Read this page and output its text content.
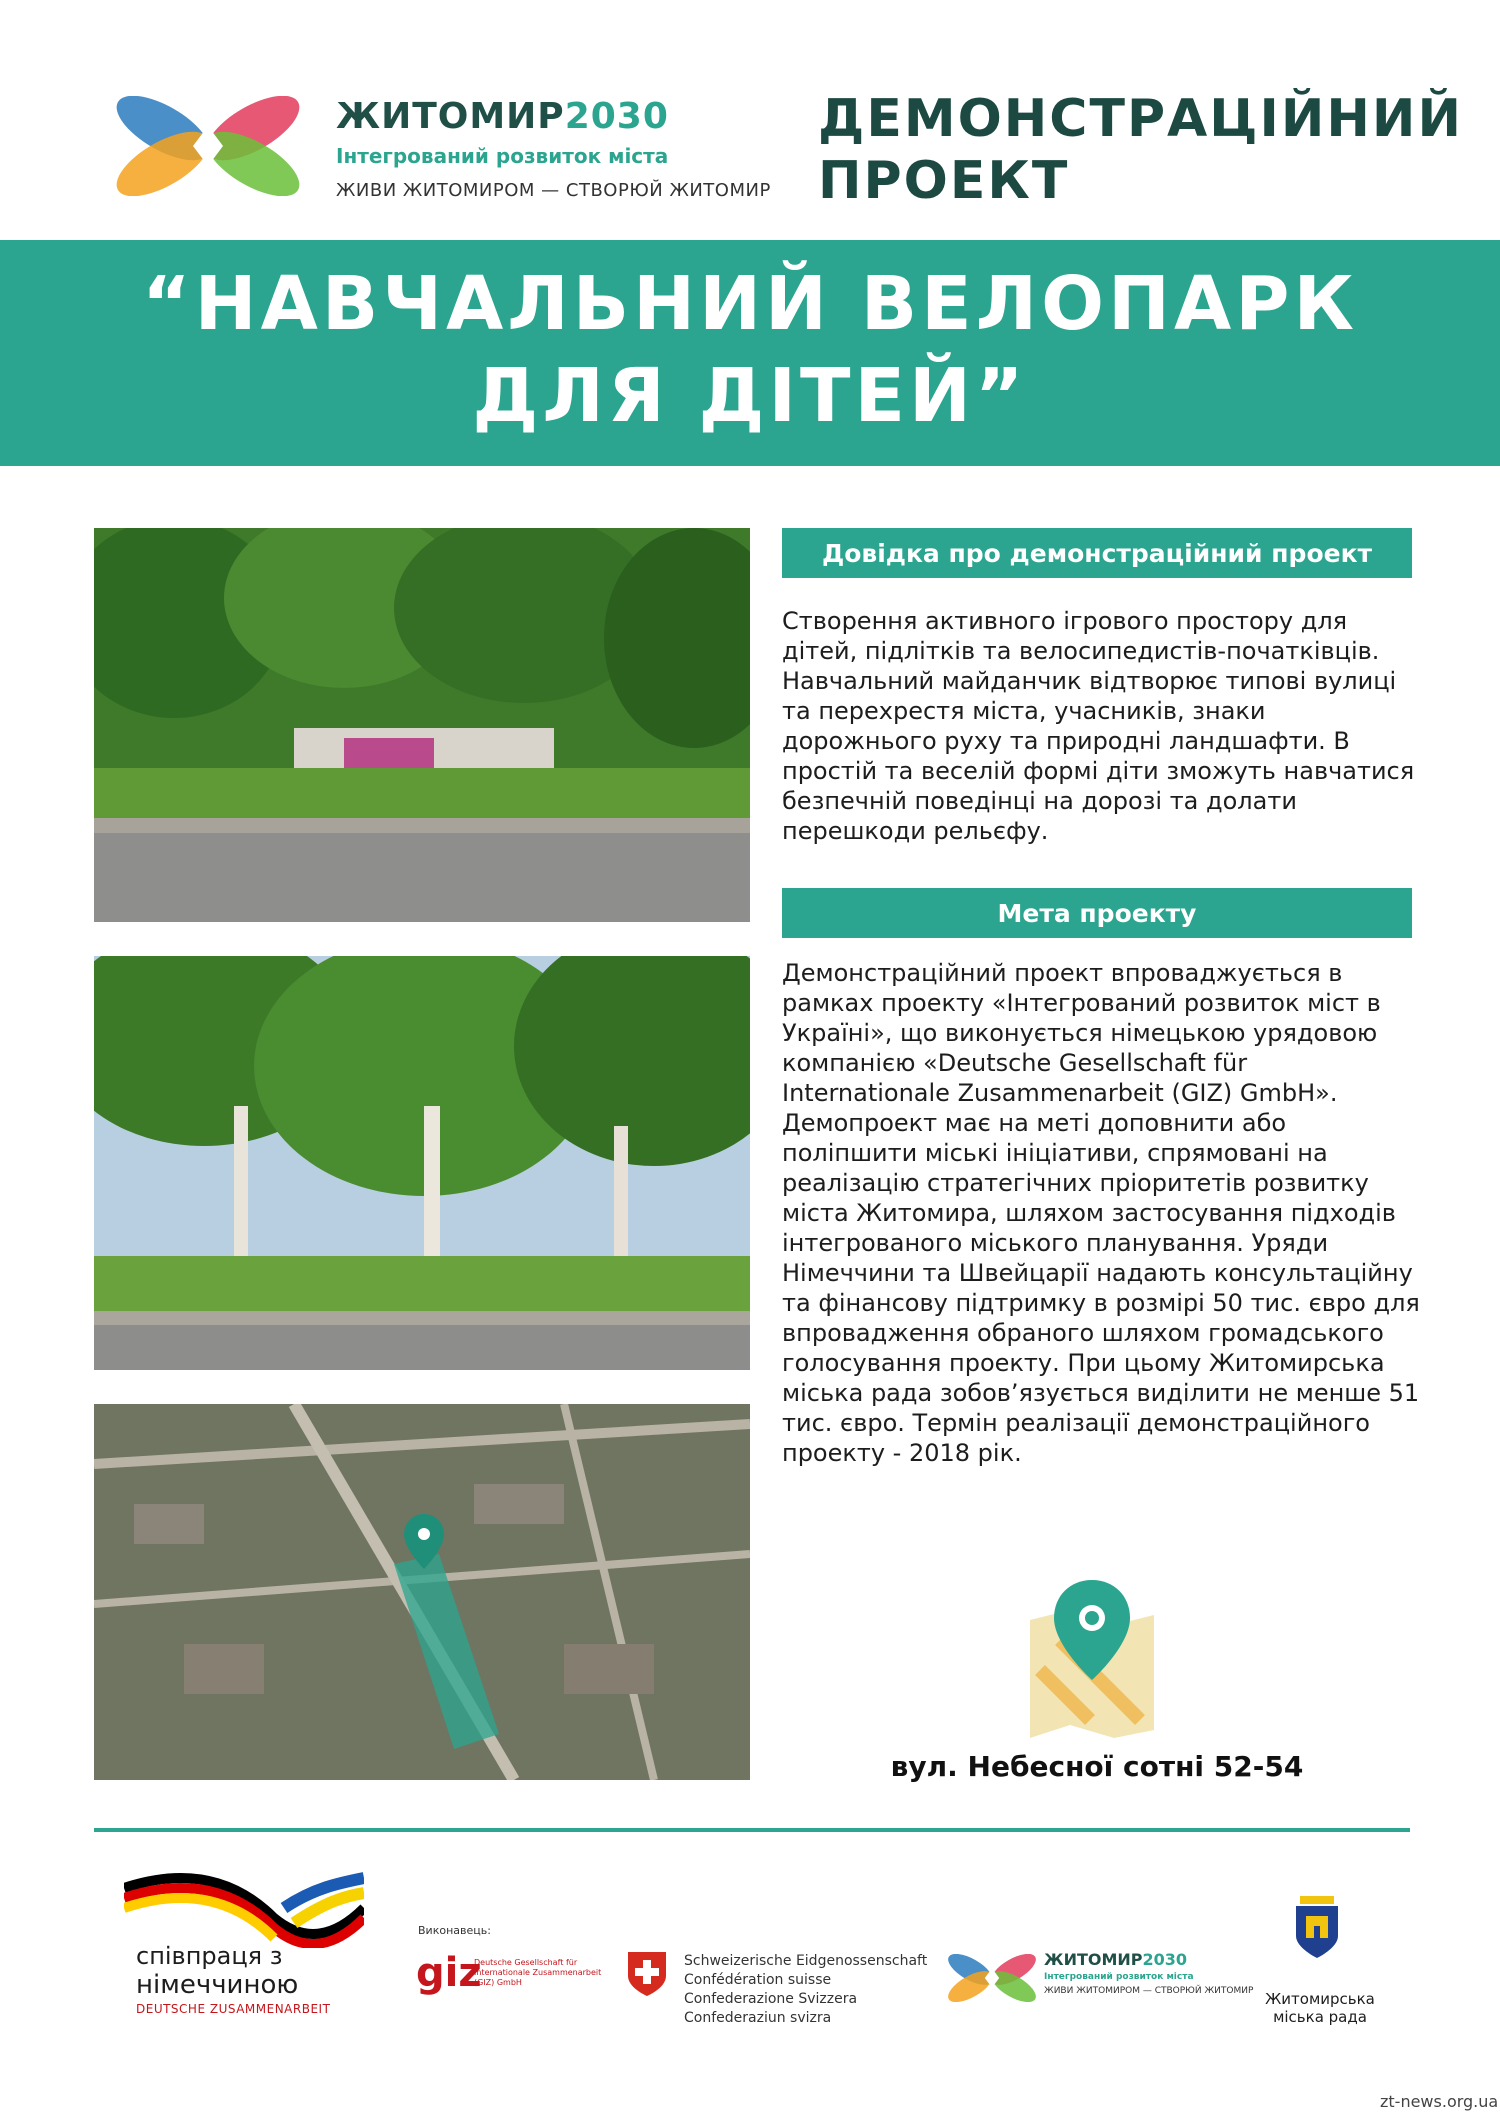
ЖИТОМИР2030
Інтегрований розвиток міста
ЖИВИ ЖИТОМИРОМ — СТВОРЮЙ ЖИТОМИР
ДЕМОНСТРАЦІЙНИЙ
ПРОЕКТ
“НАВЧАЛЬНИЙ ВЕЛОПАРК
ДЛЯ ДІТЕЙ”
Довідка про демонстраційний проект
Створення активного ігрового простору для дітей, підлітків та велосипедистів-початківців. Навчальний майданчик відтворює типові вулиці та перехрестя міста, учасників, знаки дорожнього руху та природні ландшафти. В простій та веселій формі діти зможуть навчатися безпечній поведінці на дорозі та долати перешкоди рельєфу.
Мета проекту
Демонстраційний проект впроваджується в рамках проекту «Інтегрований розвиток міст в Україні», що виконується німецькою урядовою компанією «Deutsche Gesellschaft für Internationale Zusammenarbeit (GIZ) GmbH». Демопроект має на меті доповнити або поліпшити міські ініціативи, спрямовані на реалізацію стратегічних пріоритетів розвитку міста Житомира, шляхом застосування підходів інтегрованого міського планування. Уряди Німеччини та Швейцарії надають консультаційну та фінансову підтримку в розмірі 50 тис. євро для впровадження обраного шляхом громадського голосування проекту. При цьому Житомирська міська рада зобов’язується виділити не менше 51 тис. євро. Термін реалізації демонстраційного проекту - 2018 рік.
вул. Небесної сотні 52-54
співпраця з
німеччиною
DEUTSCHE ZUSAMMENARBEIT
Виконавець:
giz
Deutsche Gesellschaft für Internationale Zusammenarbeit (GIZ) GmbH
Schweizerische Eidgenossenschaft
Confédération suisse
Confederazione Svizzera
Confederaziun svizra
ЖИТОМИР2030
Інтегрований розвиток міста
ЖИВИ ЖИТОМИРОМ — СТВОРЮЙ ЖИТОМИР Житомирська
міська рада
zt-news.org.ua
